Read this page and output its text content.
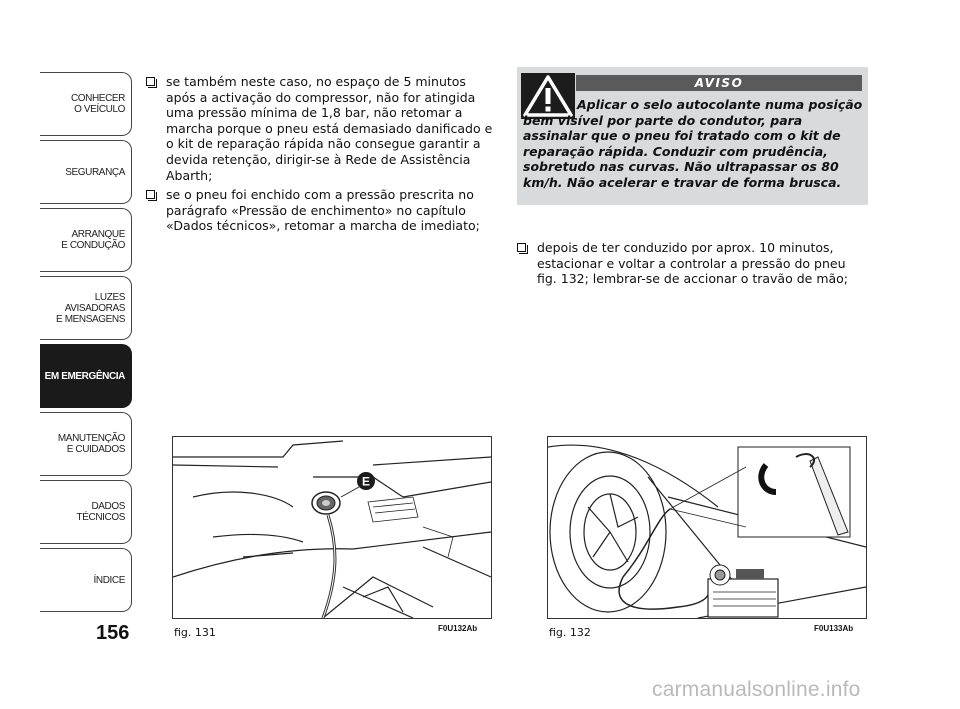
CONHECER
O VEÍCULO
SEGURANÇA
ARRANQUE
E CONDUÇÃO
LUZES
AVISADORAS
E MENSAGENS
EM EMERGÊNCIA
MANUTENÇÃO
E CUIDADOS
DADOS
TÉCNICOS
ÍNDICE
156
se também neste caso, no espaço de 5 minutos após a activação do compressor, não for atingida uma pressão mínima de 1,8 bar, não retomar a marcha porque o pneu está demasiado danificado e o kit de reparação rápida não consegue garantir a devida retenção, dirigir-se à Rede de Assistência Abarth;
se o pneu foi enchido com a pressão prescrita no parágrafo «Pressão de enchimento» no capítulo «Dados técnicos», retomar a marcha de imediato;
AVISO
Aplicar o selo autocolante numa posição bem visível por parte do condutor, para assinalar que o pneu foi tratado com o kit de reparação rápida. Conduzir com prudência, sobretudo nas curvas. Não ultrapassar os 80 km/h. Não acelerar e travar de forma brusca.
depois de ter conduzido por aprox. 10 minutos, estacionar e voltar a controlar a pressão do pneu fig. 132; lembrar-se de accionar o travão de mão;
E
fig. 131	F0U132Ab	fig. 132	F0U133Ab
carmanualsonline.info
